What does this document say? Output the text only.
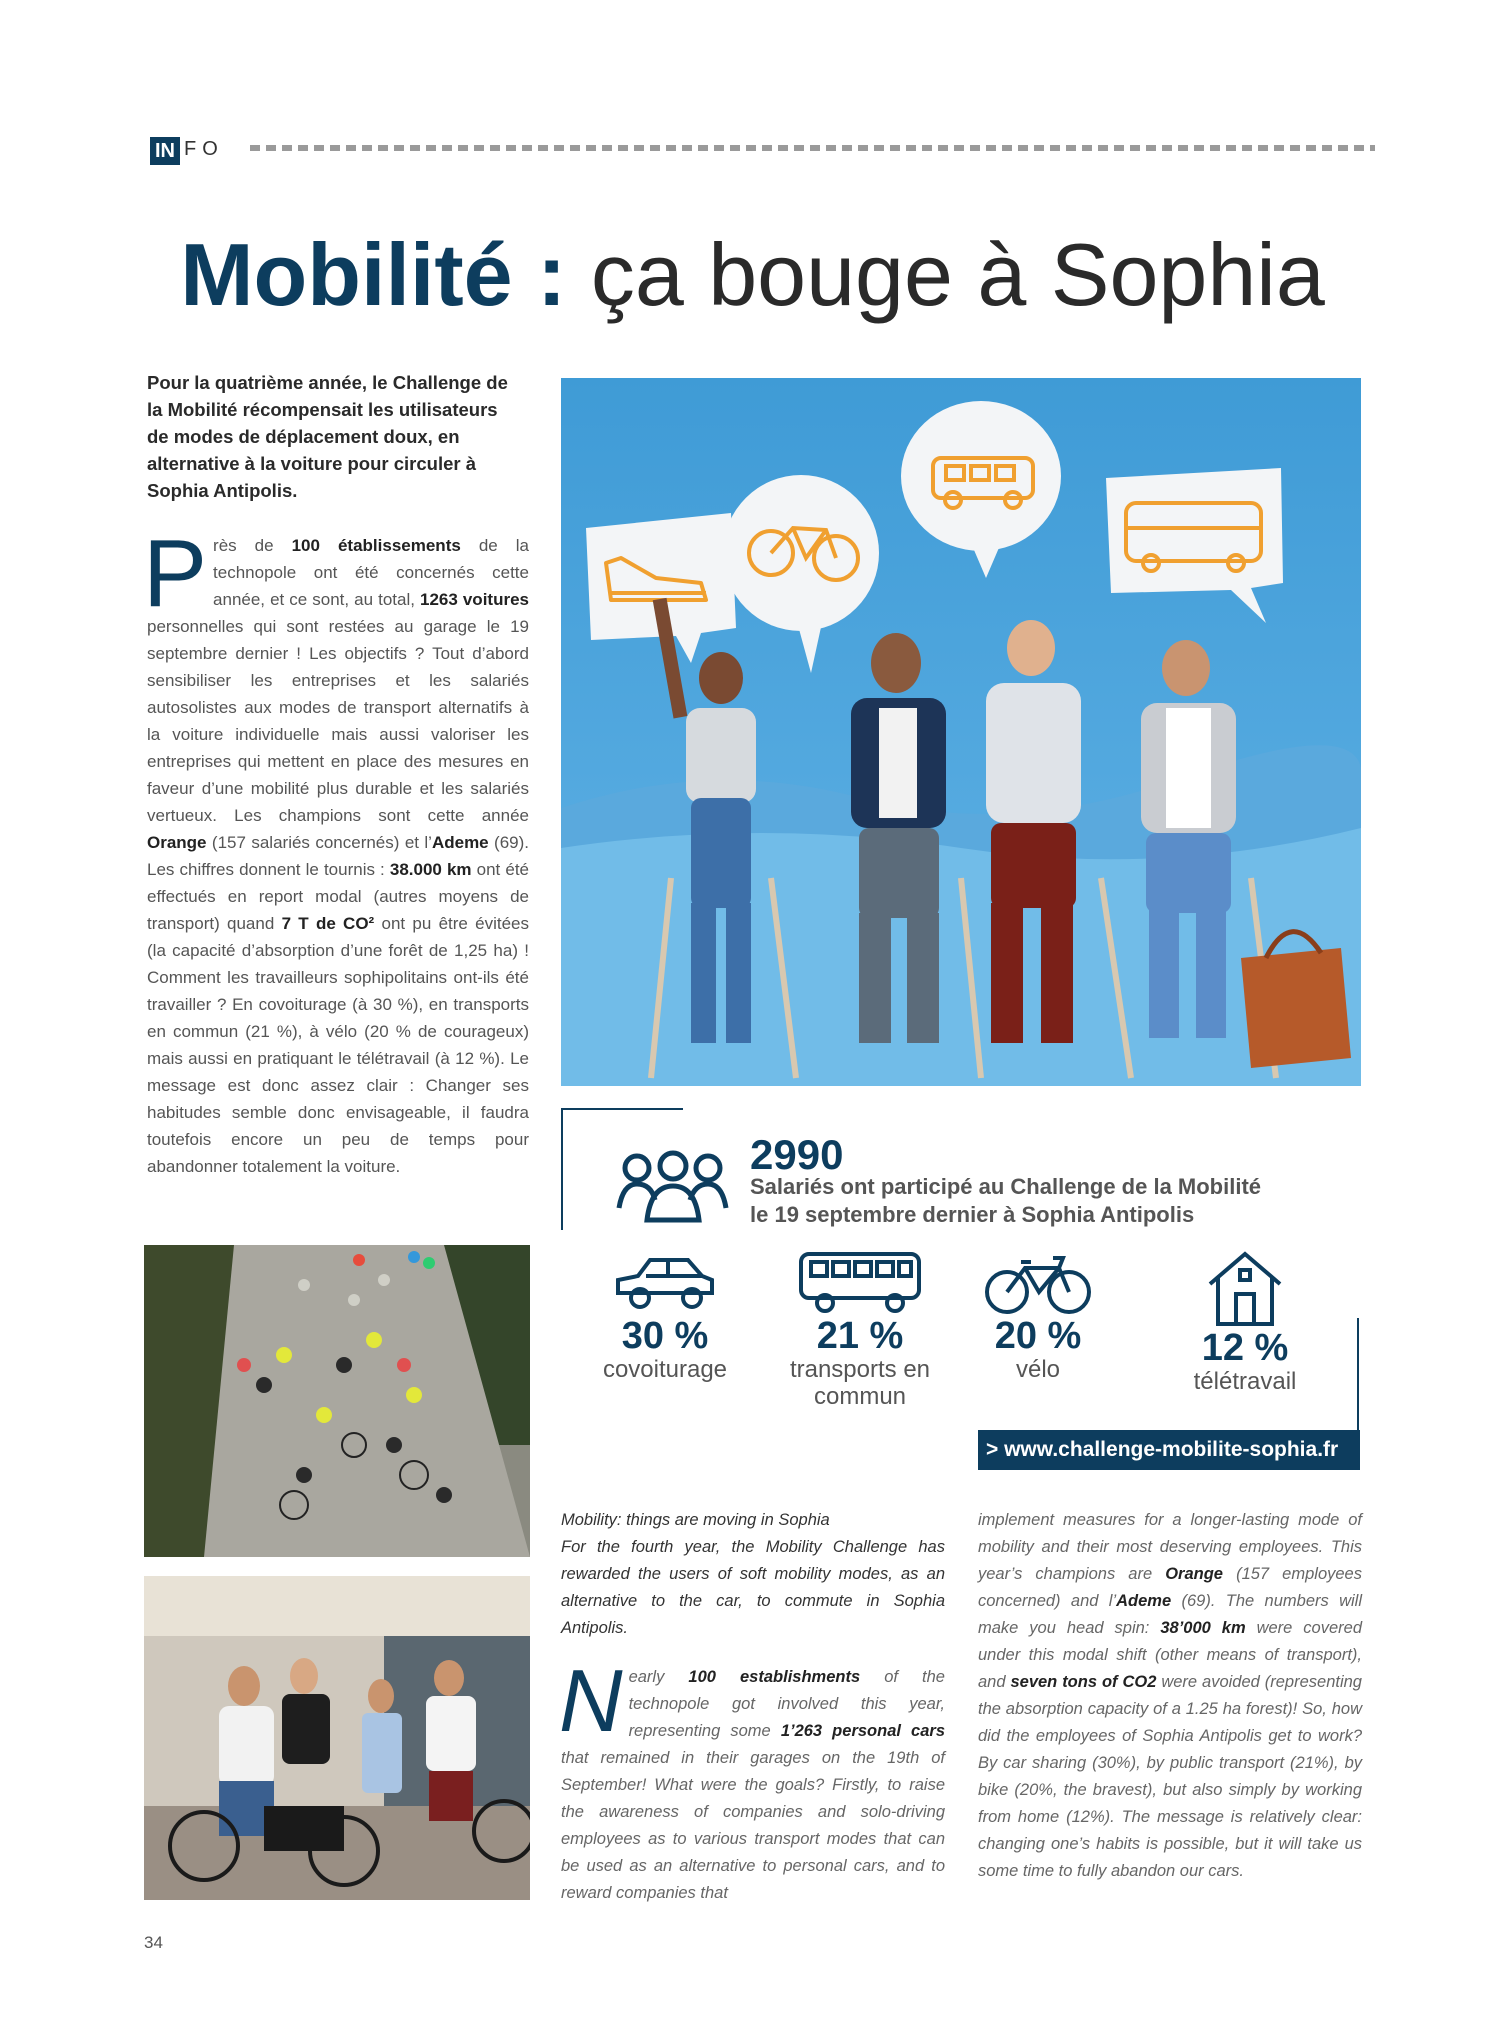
IN FO
Mobilité : ça bouge à Sophia
Pour la quatrième année, le Challenge de la Mobilité récompensait les utilisateurs de modes de déplacement doux, en alternative à la voiture pour circuler à Sophia Antipolis.
Près de 100 établissements de la technopole ont été concernés cette année, et ce sont, au total, 1263 voitures personnelles qui sont restées au garage le 19 septembre dernier ! Les objectifs ? Tout d’abord sensibiliser les entreprises et les salariés autosolistes aux modes de transport alternatifs à la voiture individuelle mais aussi valoriser les entreprises qui mettent en place des mesures en faveur d’une mobilité plus durable et les salariés vertueux. Les champions sont cette année Orange (157 salariés concernés) et l’Ademe (69). Les chiffres donnent le tournis : 38.000 km ont été effectués en report modal (autres moyens de transport) quand 7 T de CO² ont pu être évitées (la capacité d’absorption d’une forêt de 1,25 ha) ! Comment les travailleurs sophipolitains ont-ils été travailler ? En covoiturage (à 30 %), en transports en commun (21 %), à vélo (20 % de courageux) mais aussi en pratiquant le télétravail (à 12 %). Le message est donc assez clair : Changer ses habitudes semble donc envisageable, il faudra toutefois encore un peu de temps pour abandonner totalement la voiture.	2990
Salariés ont participé au Challenge de la Mobilité
le 19 septembre dernier à Sophia Antipolis
30 %
covoiturage
21 %
transports en
commun
20 %
vélo
12 %
télétravail
> www.challenge-mobilite-sophia.fr
Mobility: things are moving in Sophia
For the fourth year, the Mobility Challenge has rewarded the users of soft mobility modes, as an alternative to the car, to commute in Sophia Antipolis.
Nearly 100 establishments of the technopole got involved this year, representing some 1’263 personal cars that remained in their garages on the 19th of September! What were the goals? Firstly, to raise the awareness of companies and solo-driving employees as to various transport modes that can be used as an alternative to personal cars, and to reward companies that
implement measures for a longer-lasting mode of mobility and their most deserving employees. This year’s champions are Orange (157 employees concerned) and l’Ademe (69). The numbers will make you head spin: 38’000 km were covered under this modal shift (other means of transport), and seven tons of CO2 were avoided (representing the absorption capacity of a 1.25 ha forest)! So, how did the employees of Sophia Antipolis get to work? By car sharing (30%), by public transport (21%), by bike (20%, the bravest), but also simply by working from home (12%). The message is relatively clear: changing one’s habits is possible, but it will take us some time to fully abandon our cars.
34
